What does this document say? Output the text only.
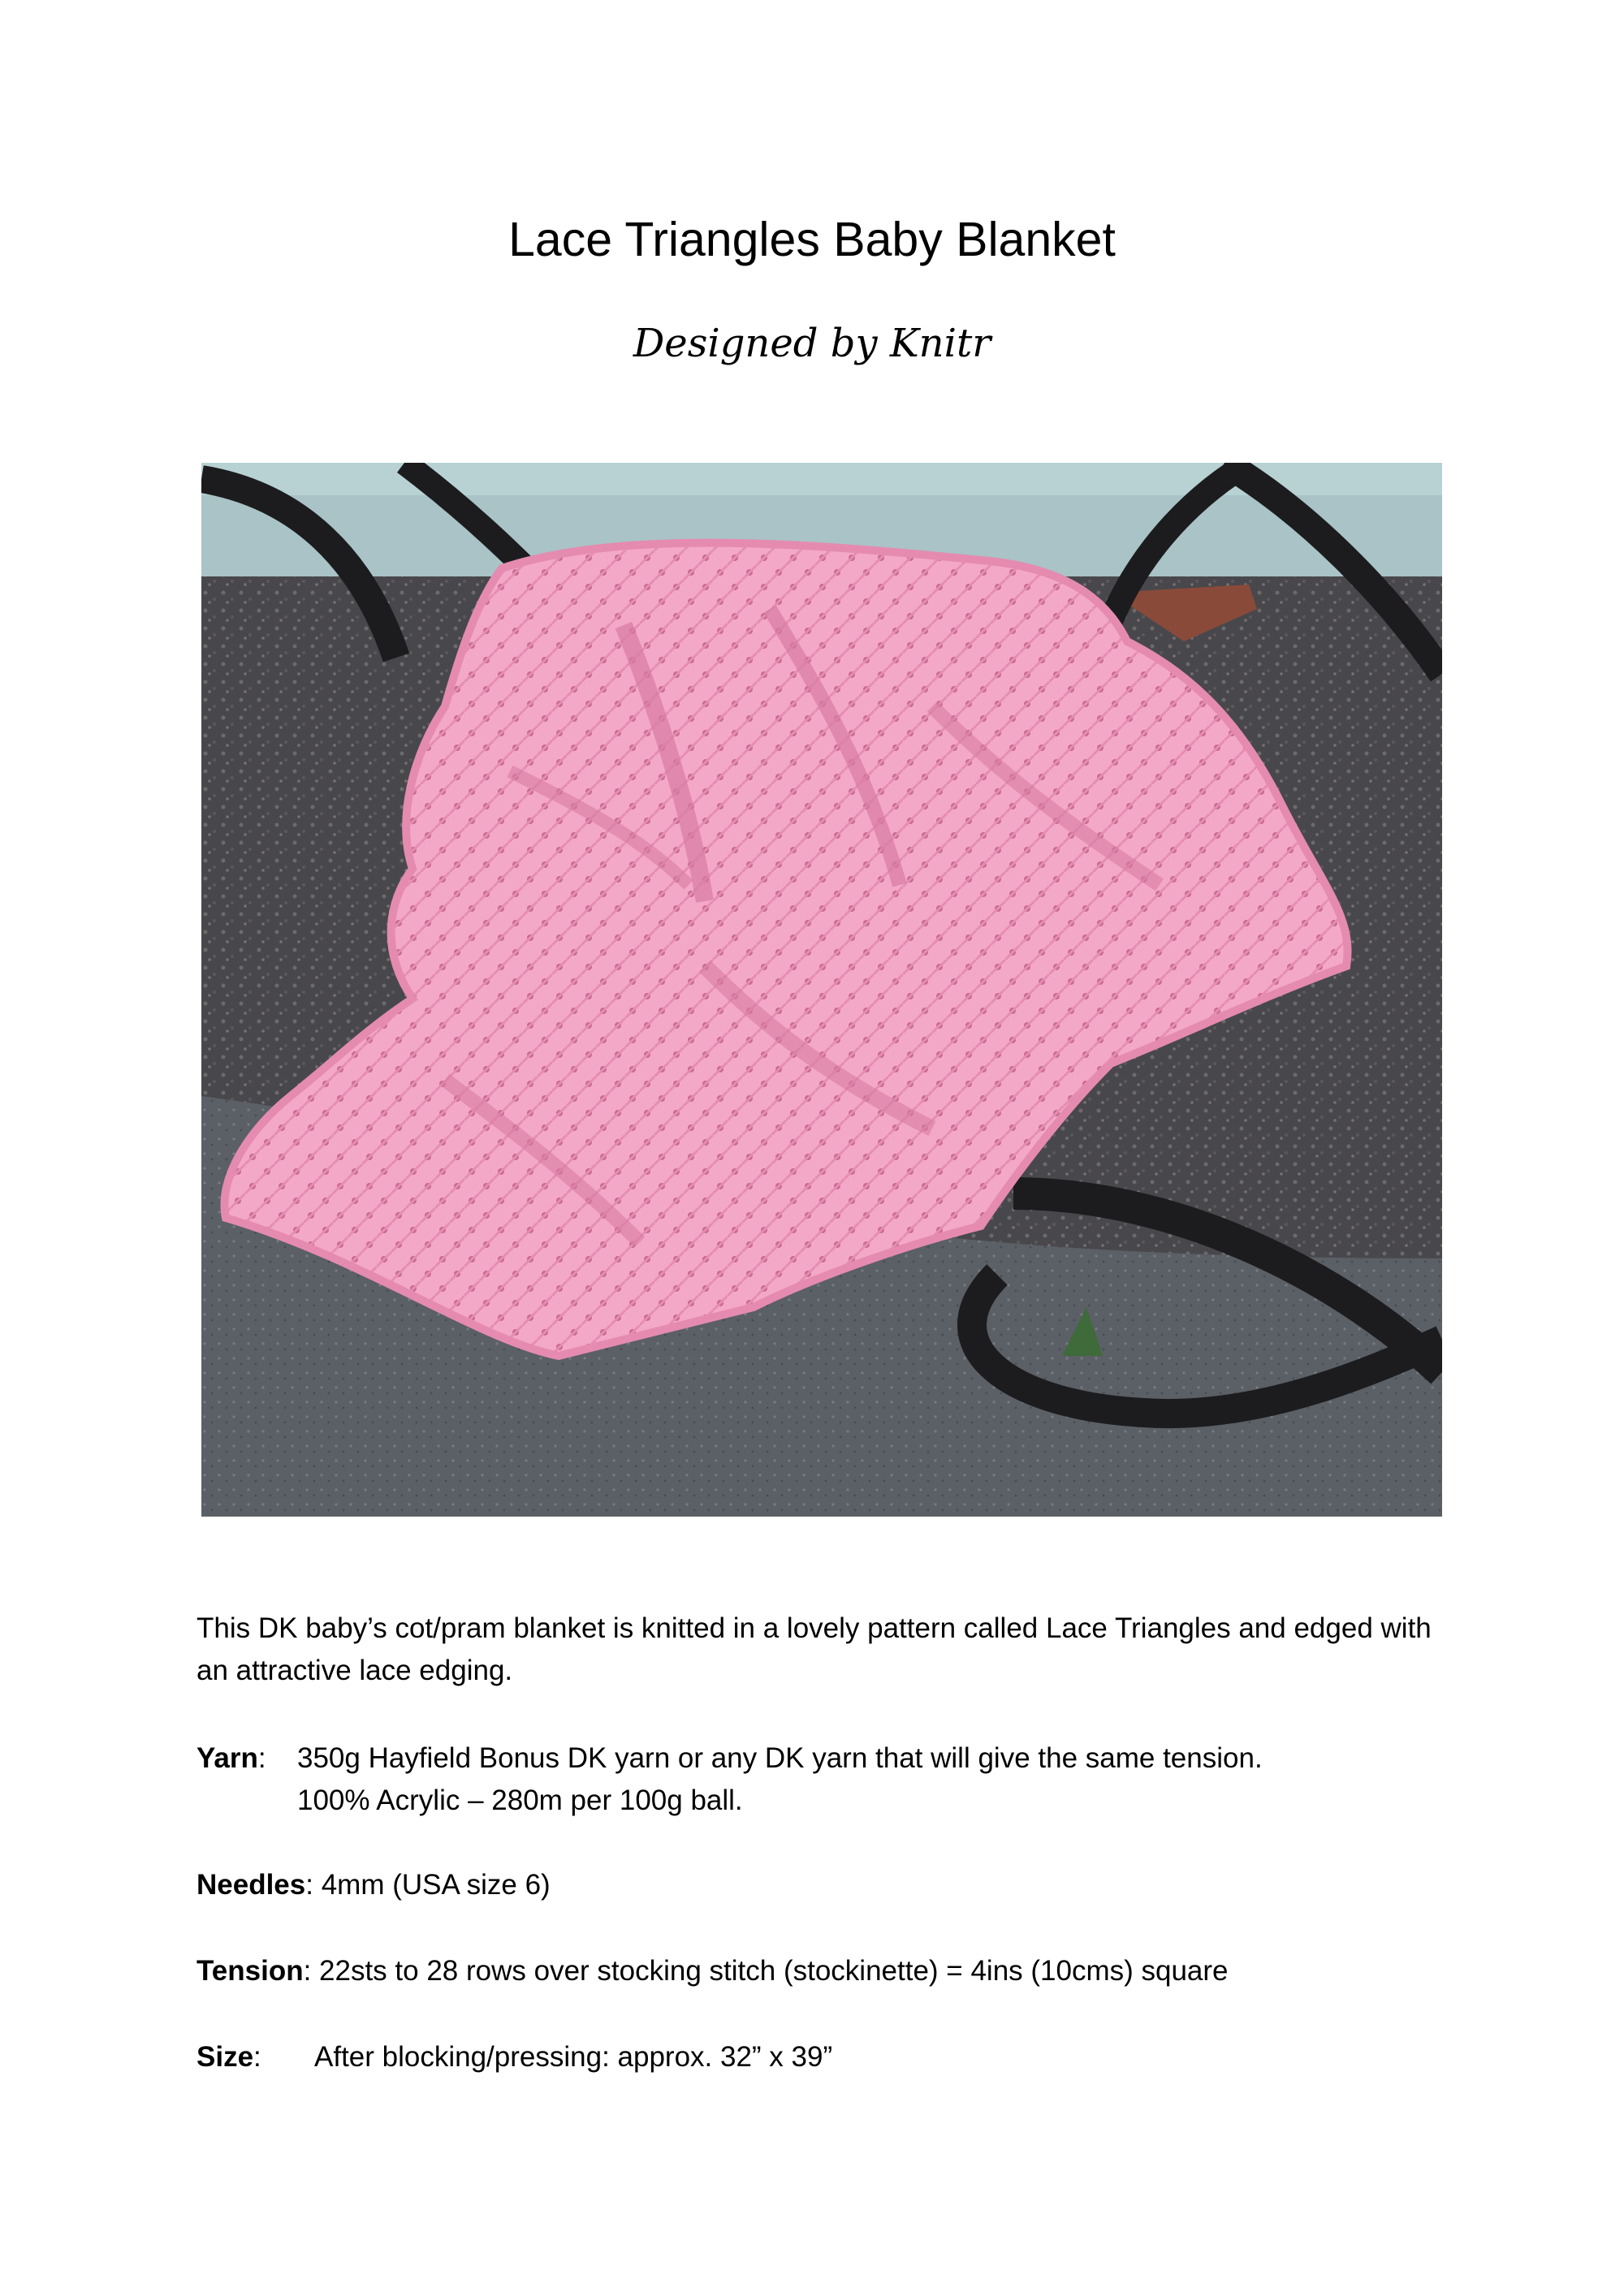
Lace Triangles Baby Blanket
Designed by Knitr
This DK baby’s cot/pram blanket is knitted in a lovely pattern called Lace Triangles and edged with an attractive lace edging.
Yarn: 350g Hayfield Bonus DK yarn or any DK yarn that will give the same tension.
100% Acrylic – 280m per 100g ball.
Needles: 4mm (USA size 6)
Tension: 22sts to 28 rows over stocking stitch (stockinette) = 4ins (10cms) square
Size: After blocking/pressing: approx. 32” x 39”
